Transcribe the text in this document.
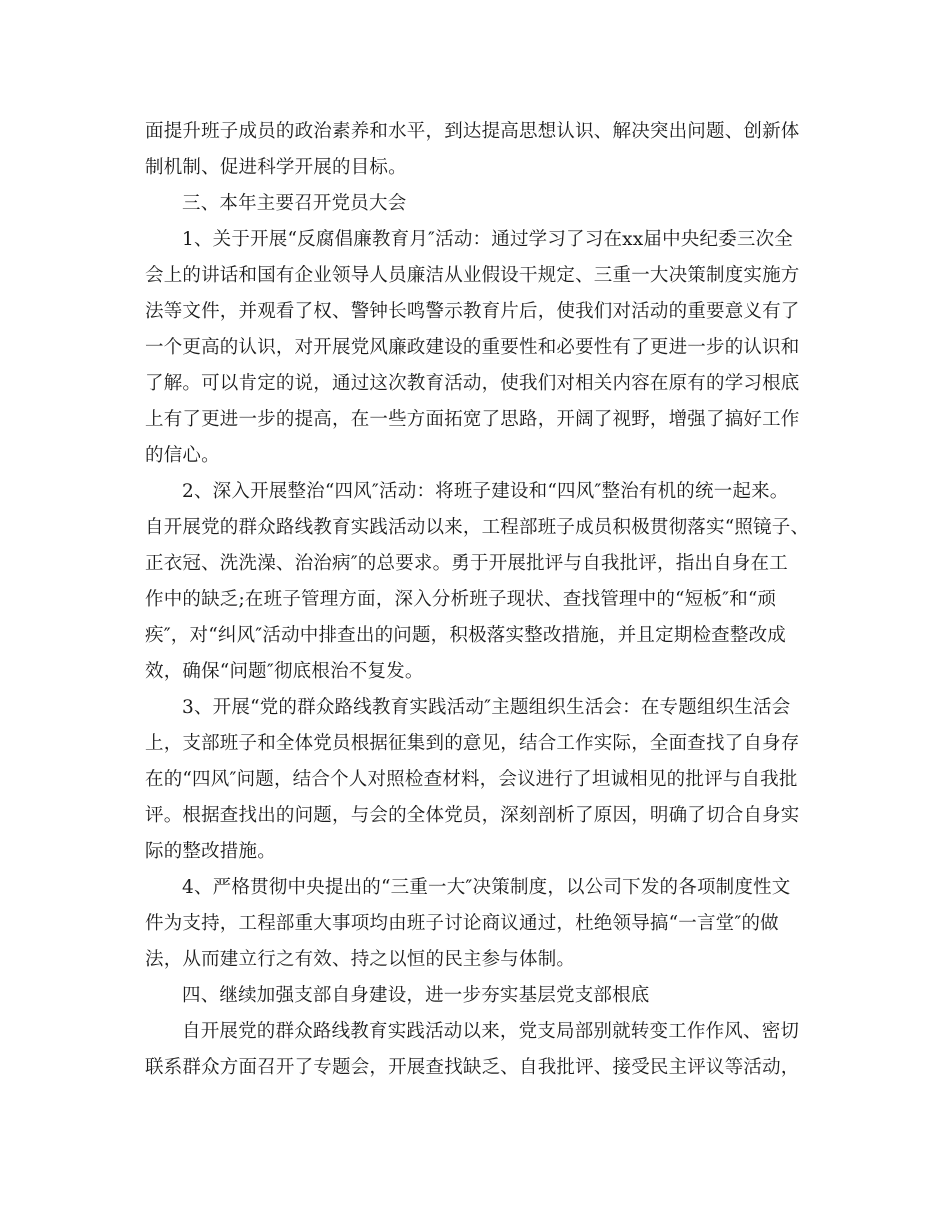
面提升班子成员的政治素养和水平，到达提高思想认识、解决突出问题、创新体
制机制、促进科学开展的目标。
三、本年主要召开党员大会
1、关于开展“反腐倡廉教育月″活动：通过学习了习在xx届中央纪委三次全
会上的讲话和国有企业领导人员廉洁从业假设干规定、三重一大决策制度实施方
法等文件，并观看了权、警钟长鸣警示教育片后，使我们对活动的重要意义有了
一个更高的认识，对开展党风廉政建设的重要性和必要性有了更进一步的认识和
了解。可以肯定的说，通过这次教育活动，使我们对相关内容在原有的学习根底
上有了更进一步的提高，在一些方面拓宽了思路，开阔了视野，增强了搞好工作
的信心。
2、深入开展整治“四风″活动：将班子建设和“四风″整治有机的统一起来。
自开展党的群众路线教育实践活动以来，工程部班子成员积极贯彻落实“照镜子、
正衣冠、洗洗澡、治治病″的总要求。勇于开展批评与自我批评，指出自身在工
作中的缺乏;在班子管理方面，深入分析班子现状、查找管理中的“短板″和“顽
疾″，对“纠风″活动中排查出的问题，积极落实整改措施，并且定期检查整改成
效，确保“问题″彻底根治不复发。
3、开展“党的群众路线教育实践活动″主题组织生活会：在专题组织生活会
上，支部班子和全体党员根据征集到的意见，结合工作实际，全面查找了自身存
在的“四风″问题，结合个人对照检查材料，会议进行了坦诚相见的批评与自我批
评。根据查找出的问题，与会的全体党员，深刻剖析了原因，明确了切合自身实
际的整改措施。
4、严格贯彻中央提出的“三重一大″决策制度，以公司下发的各项制度性文
件为支持，工程部重大事项均由班子讨论商议通过，杜绝领导搞“一言堂″的做
法，从而建立行之有效、持之以恒的民主参与体制。
四、继续加强支部自身建设，进一步夯实基层党支部根底
自开展党的群众路线教育实践活动以来，党支局部别就转变工作作风、密切
联系群众方面召开了专题会，开展查找缺乏、自我批评、接受民主评议等活动，
